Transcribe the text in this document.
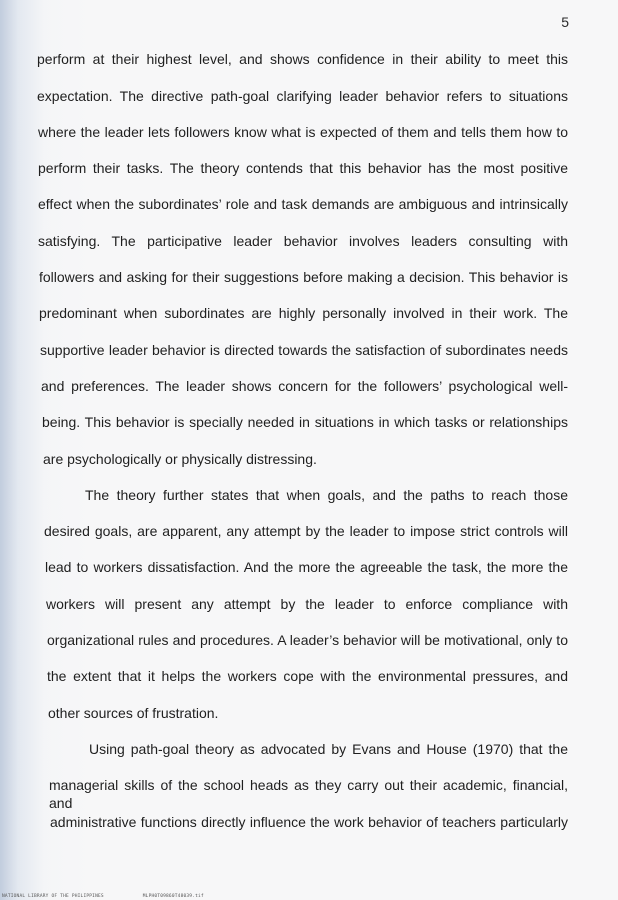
5
perform at their highest level, and shows confidence in their ability to meet this
expectation. The directive path-goal clarifying leader behavior refers to situations
where the leader lets followers know what is expected of them and tells them how to
perform their tasks. The theory contends that this behavior has the most positive
effect when the subordinates’ role and task demands are ambiguous and intrinsically
satisfying. The participative leader behavior involves leaders consulting with
followers and asking for their suggestions before making a decision. This behavior is
predominant when subordinates are highly personally involved in their work. The
supportive leader behavior is directed towards the satisfaction of subordinates needs
and preferences. The leader shows concern for the followers’ psychological well-
being. This behavior is specially needed in situations in which tasks or relationships
are psychologically or physically distressing.
The theory further states that when goals, and the paths to reach those
desired goals, are apparent, any attempt by the leader to impose strict controls will
lead to workers dissatisfaction. And the more the agreeable the task, the more the
workers will present any attempt by the leader to enforce compliance with
organizational rules and procedures. A leader’s behavior will be motivational, only to
the extent that it helps the workers cope with the environmental pressures, and
other sources of frustration.
Using path-goal theory as advocated by Evans and House (1970) that the
managerial skills of the school heads as they carry out their academic, financial, and
administrative functions directly influence the work behavior of teachers particularly
NATIONAL LIBRARY OF THE PHILIPPINES	MLPH0T09860T48039.tif
